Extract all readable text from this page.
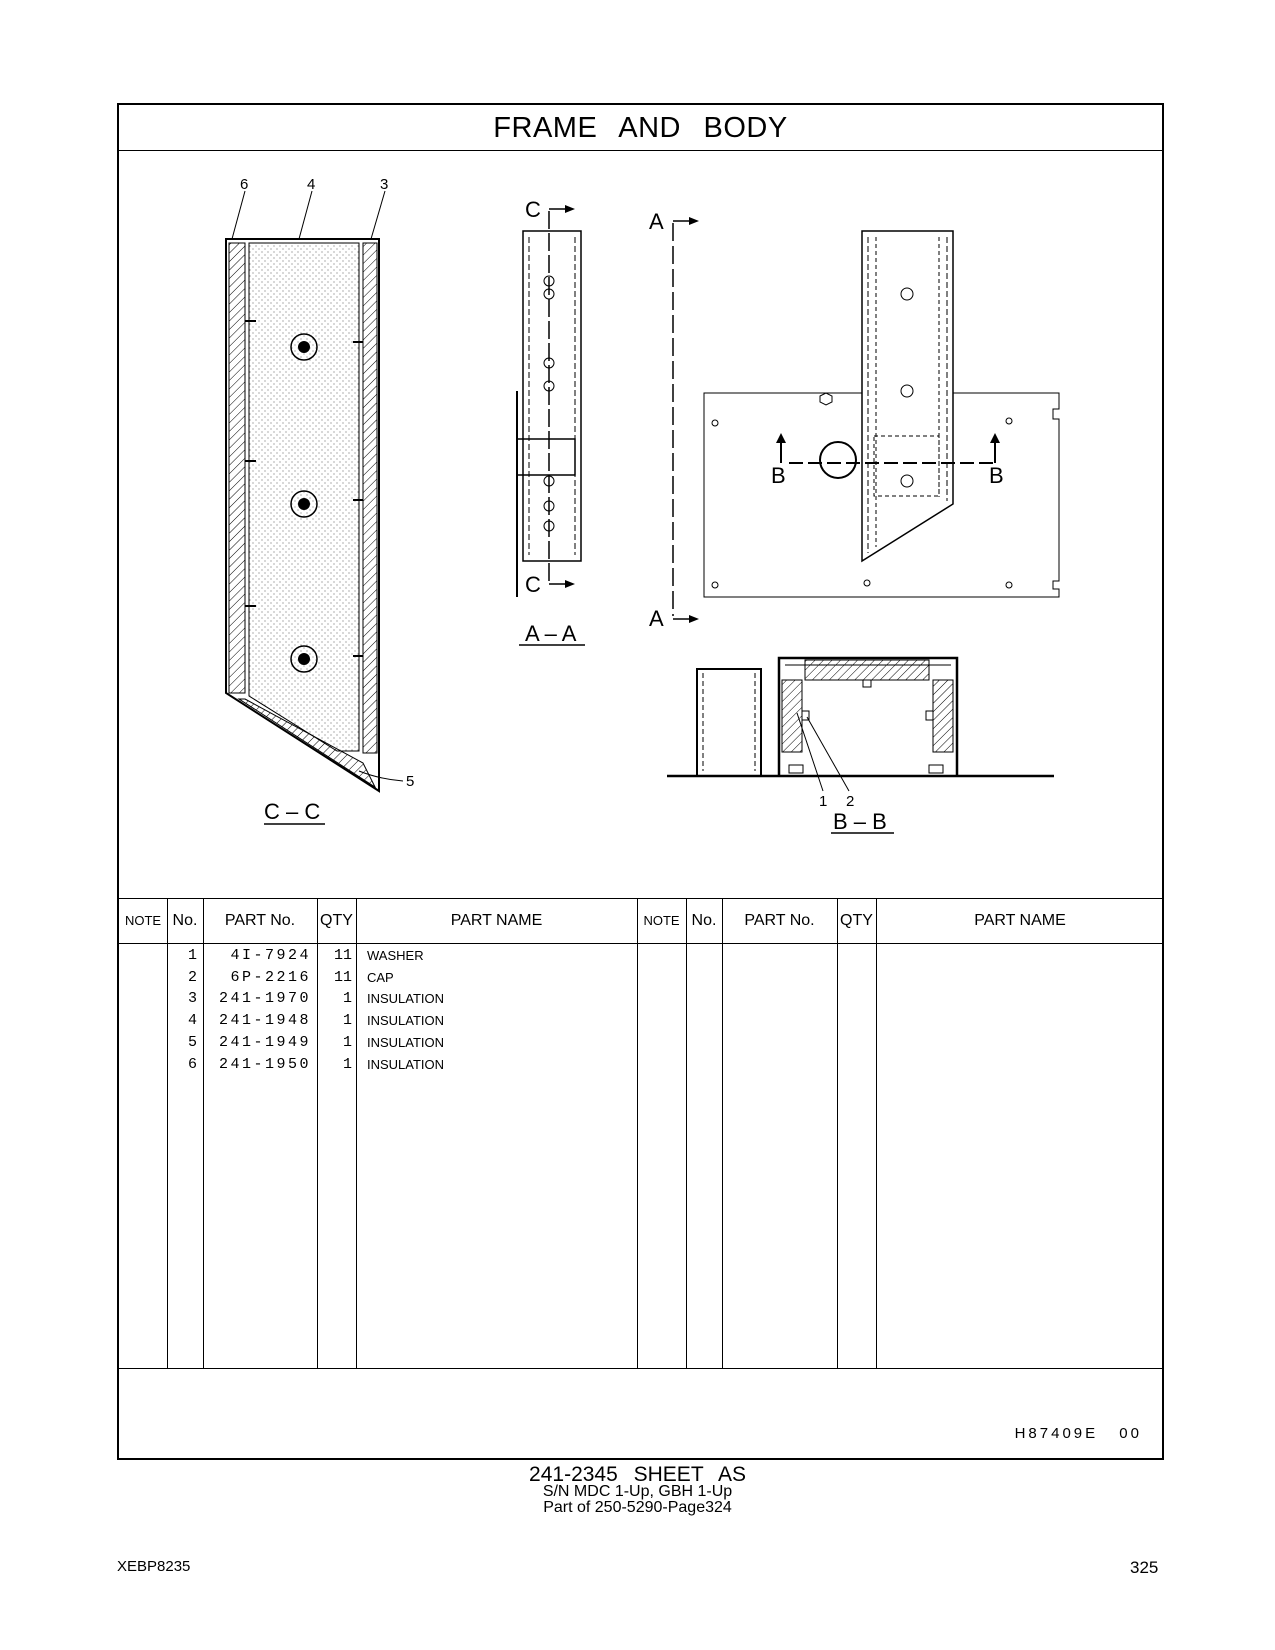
FRAME AND BODY
6	4	3
5
C – C
C
C
A – A
A
A
B	B
1 2
B – B
NOTE No.	PART No.	QTY	PART NAME	NOTE No.	PART No.	QTY	PART NAME
1	4I-7924	11 WASHER
2	6P-2216	11 CAP
3	241-1970	1 INSULATION
4	241-1948	1 INSULATION
5	241-1949	1 INSULATION
6	241-1950	1 INSULATION
H87409E 00
241-2345 SHEET AS
S/N MDC 1-Up, GBH 1-Up
Part of 250-5290-Page324
XEBP8235	325
